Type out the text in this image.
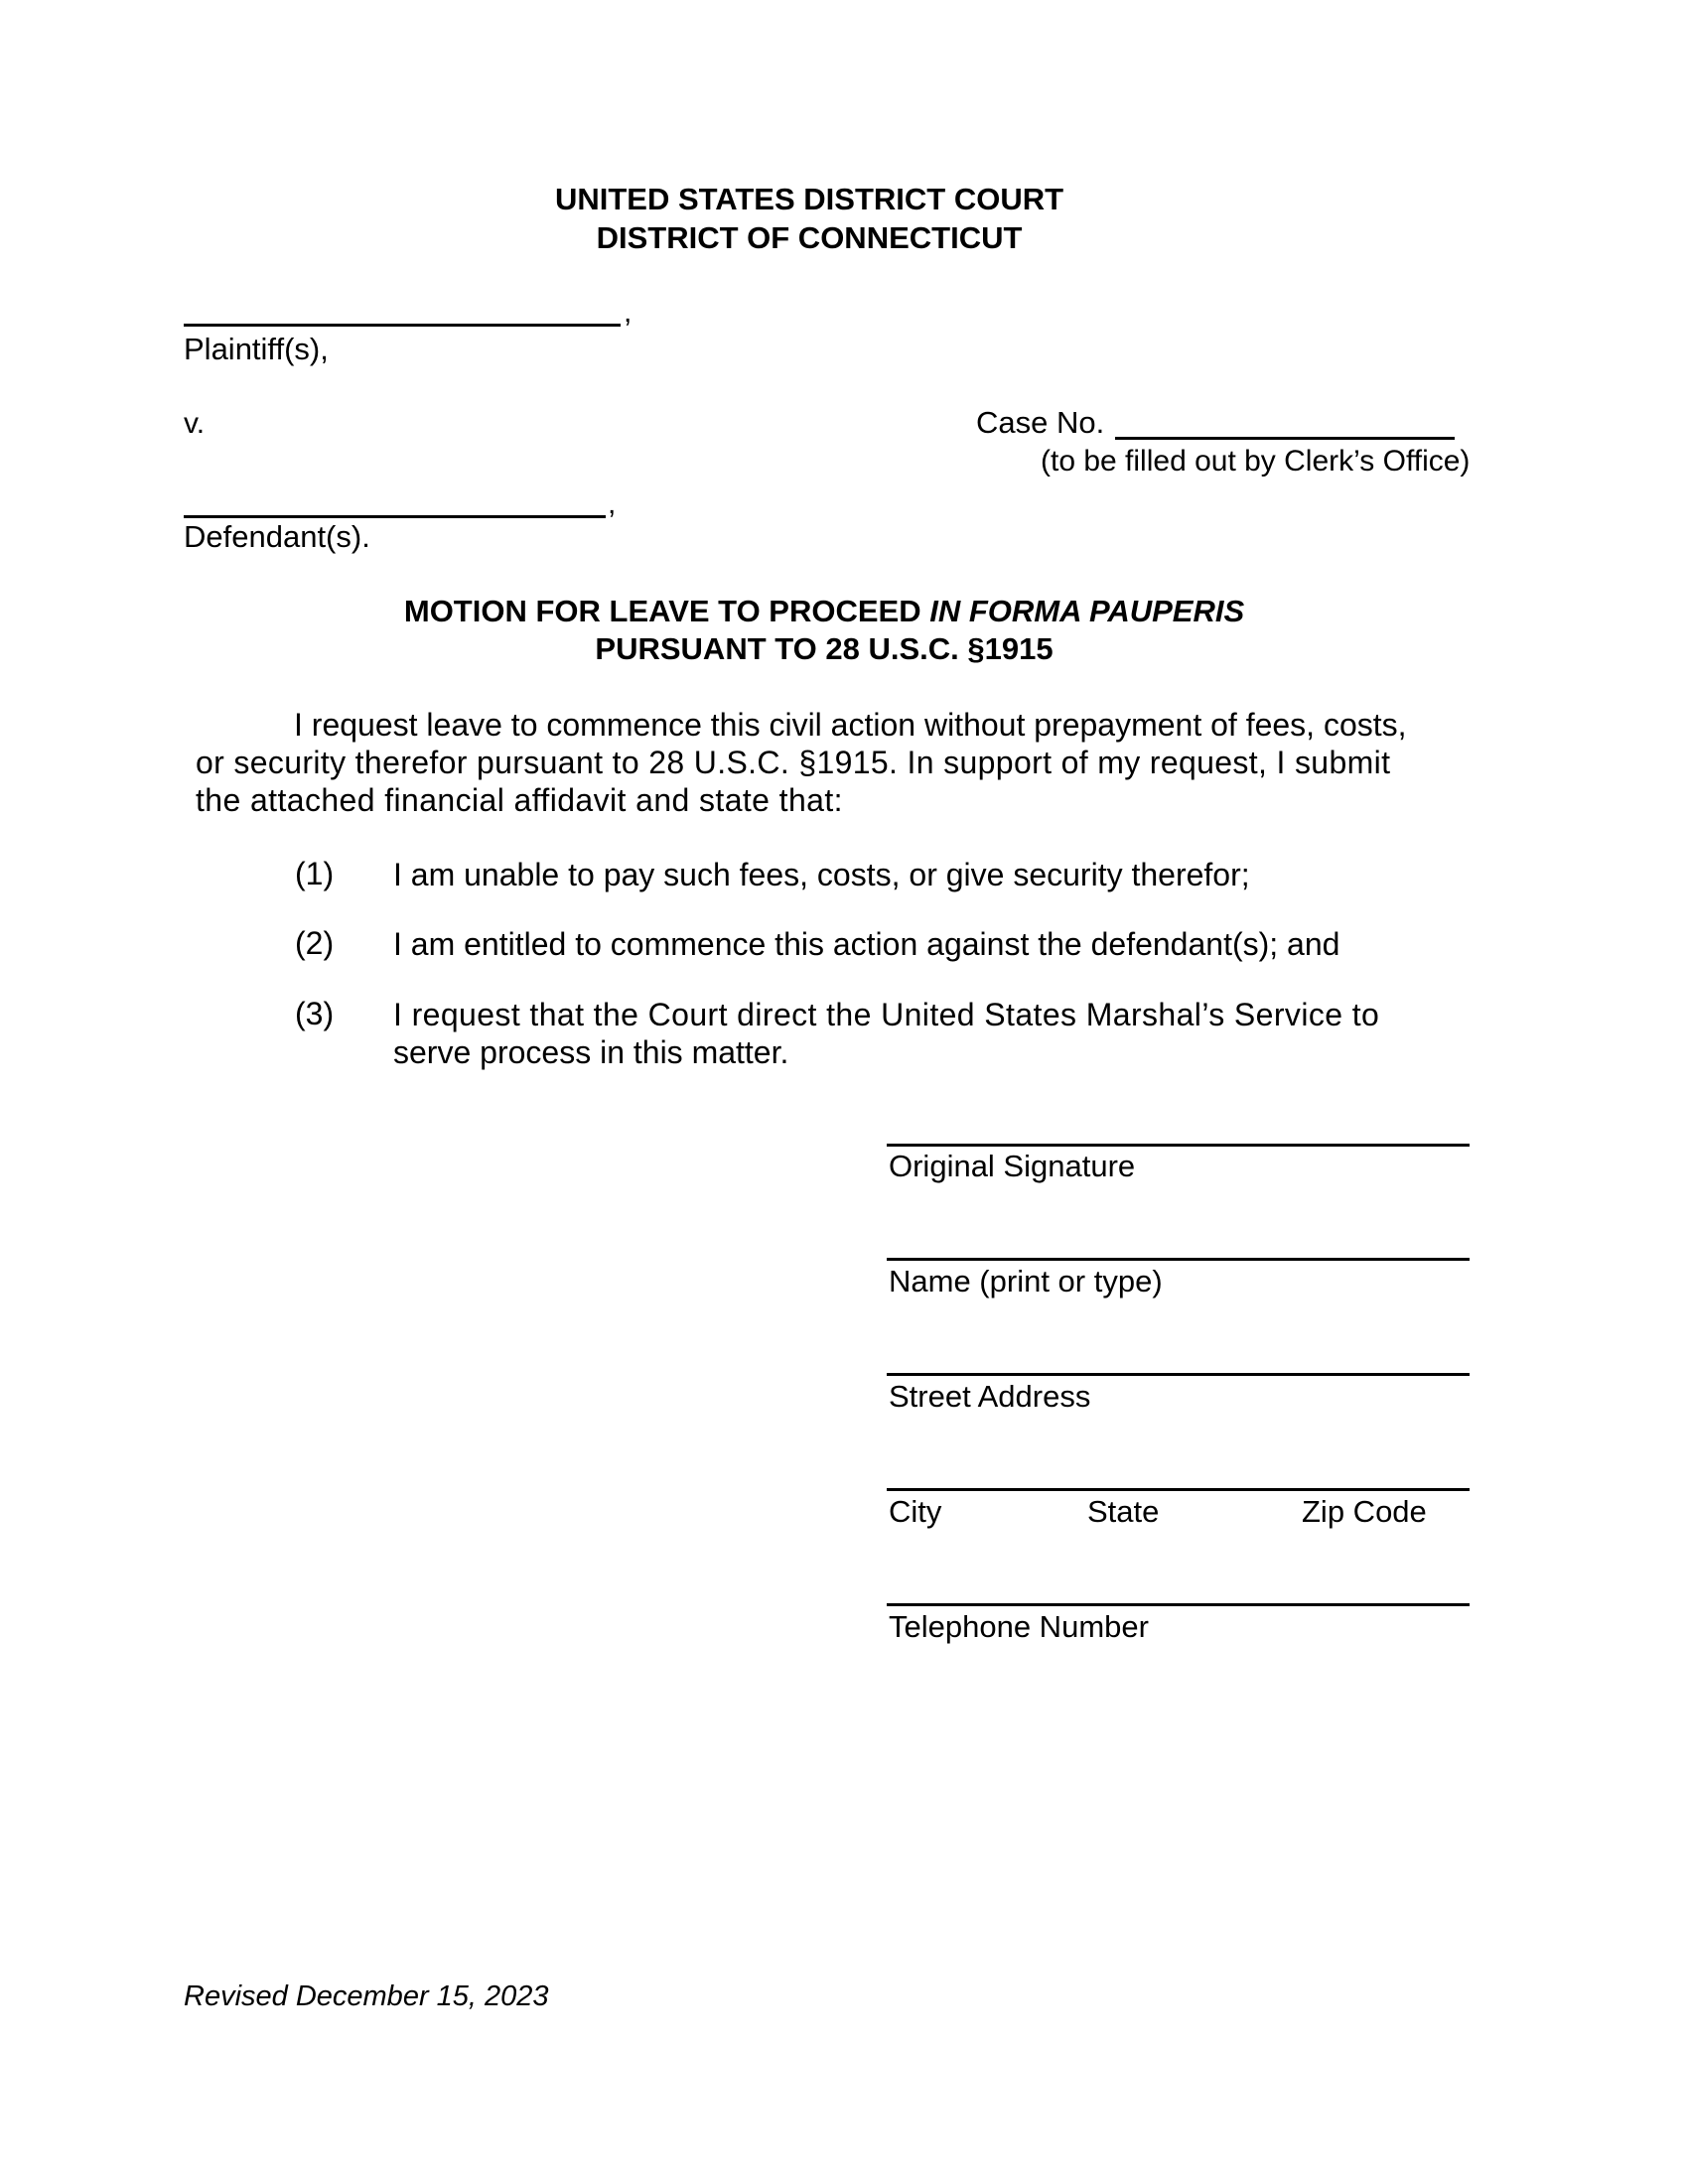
UNITED STATES DISTRICT COURT
DISTRICT OF CONNECTICUT
,
Plaintiff(s),
v.	Case No.
(to be filled out by Clerk’s Office)
,
Defendant(s).
MOTION FOR LEAVE TO PROCEED IN FORMA PAUPERIS
PURSUANT TO 28 U.S.C. §1915
I request leave to commence this civil action without prepayment of fees, costs,
or security therefor pursuant to 28 U.S.C. §1915. In support of my request, I submit
the attached financial affidavit and state that:
(1) I am unable to pay such fees, costs, or give security therefor;
(2) I am entitled to commence this action against the defendant(s); and
(3) I request that the Court direct the United States Marshal’s Service to
serve process in this matter.
Original Signature
Name (print or type)
Street Address
City	State	Zip Code
Telephone Number
Revised December 15, 2023
